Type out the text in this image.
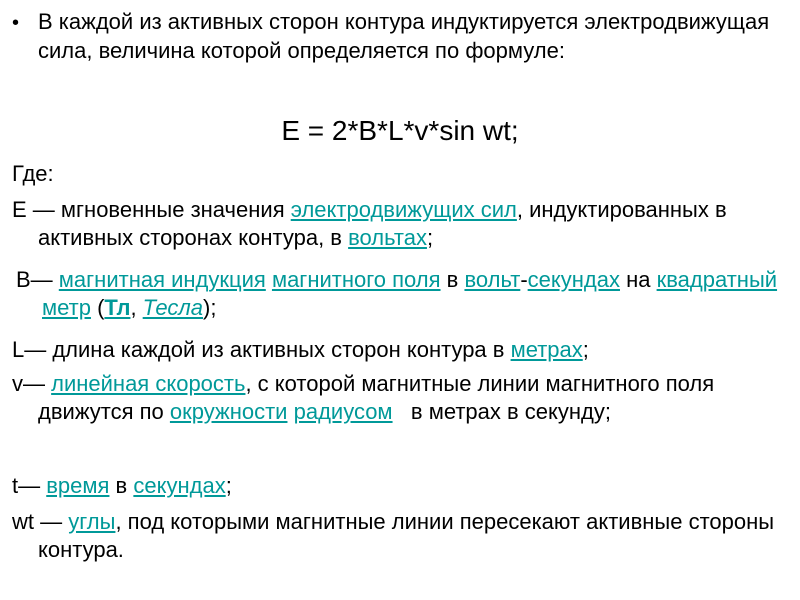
• В каждой из активных сторон контура индуктируется электродвижущая сила, величина которой определяется по формуле:
E = 2*B*L*v*sin wt;
Где:
E — мгновенные значения электродвижущих сил, индуктированных в активных сторонах контура, в вольтах;
B— магнитная индукция магнитного поля в вольт-секундах на квадратный метр (Тл, Тесла);
L— длина каждой из активных сторон контура в метрах;
v— линейная скорость, с которой магнитные линии магнитного поля движутся по окружности радиусом   в метрах в секунду;
t— время в секундах;
wt — углы, под которыми магнитные линии пересекают активные стороны контура.
